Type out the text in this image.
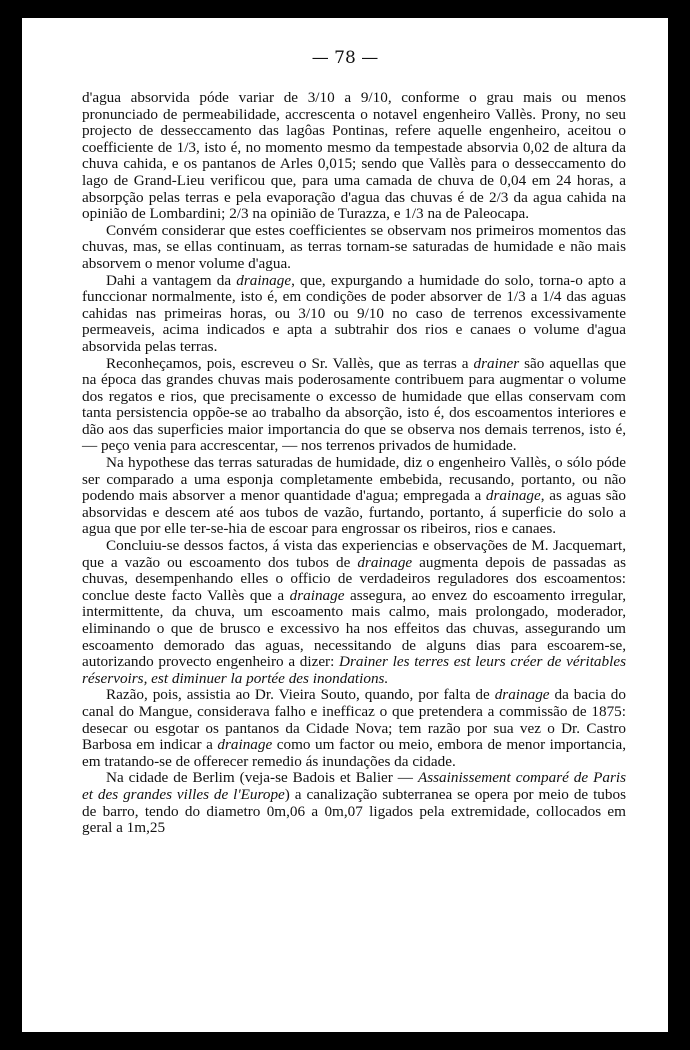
— 78 —

d'agua absorvida póde variar de 3/10 a 9/10, conforme o grau mais ou menos pronunciado de permeabilidade, accrescenta o notavel engenheiro Vallès. Prony, no seu projecto de desseccamento das lagôas Pontinas, refere aquelle engenheiro, aceitou o coefficiente de 1/3, isto é, no momento mesmo da tempestade absorvia 0,02 de altura da chuva cahida, e os pantanos de Arles 0,015; sendo que Vallès para o desseccamento do lago de Grand-Lieu verificou que, para uma camada de chuva de 0,04 em 24 horas, a absorpção pelas terras e pela evaporação d'agua das chuvas é de 2/3 da agua cahida na opinião de Lombardini; 2/3 na opinião de Turazza, e 1/3 na de Paleocapa.

Convém considerar que estes coefficientes se observam nos primeiros momentos das chuvas, mas, se ellas continuam, as terras tornam-se saturadas de humidade e não mais absorvem o menor volume d'agua.

Dahi a vantagem da drainage, que, expurgando a humidade do solo, torna-o apto a funccionar normalmente, isto é, em condições de poder absorver de 1/3 a 1/4 das aguas cahidas nas primeiras horas, ou 3/10 ou 9/10 no caso de terrenos excessivamente permeaveis, acima indicados e apta a subtrahir dos rios e canaes o volume d'agua absorvida pelas terras.

Reconheçamos, pois, escreveu o Sr. Vallès, que as terras a drainer são aquellas que na época das grandes chuvas mais poderosamente contribuem para augmentar o volume dos regatos e rios, que precisamente o excesso de humidade que ellas conservam com tanta persistencia oppõe-se ao trabalho da absorção, isto é, dos escoamentos interiores e dão aos das superficies maior importancia do que se observa nos demais terrenos, isto é, — peço venia para accrescentar, — nos terrenos privados de humidade.

Na hypothese das terras saturadas de humidade, diz o engenheiro Vallès, o sólo póde ser comparado a uma esponja completamente embebida, recusando, portanto, ou não podendo mais absorver a menor quantidade d'agua; empregada a drainage, as aguas são absorvidas e descem até aos tubos de vazão, furtando, portanto, á superficie do solo a agua que por elle ter-se-hia de escoar para engrossar os ribeiros, rios e canaes.

Concluiu-se dessos factos, á vista das experiencias e observações de M. Jacquemart, que a vazão ou escoamento dos tubos de drainage augmenta depois de passadas as chuvas, desempenhando elles o officio de verdadeiros reguladores dos escoamentos: conclue deste facto Vallès que a drainage assegura, ao envez do escoamento irregular, intermittente, da chuva, um escoamento mais calmo, mais prolongado, moderador, eliminando o que de brusco e excessivo ha nos effeitos das chuvas, assegurando um escoamento demorado das aguas, necessitando de alguns dias para escoarem-se, autorizando provecto engenheiro a dizer: Drainer les terres est leurs créer de véritables réservoirs, est diminuer la portée des inondations.

Razão, pois, assistia ao Dr. Vieira Souto, quando, por falta de drainage da bacia do canal do Mangue, considerava falho e inefficaz o que pretendera a commissão de 1875: desecar ou esgotar os pantanos da Cidade Nova; tem razão por sua vez o Dr. Castro Barbosa em indicar a drainage como um factor ou meio, embora de menor importancia, em tratando-se de offerecer remedio ás inundações da cidade.

Na cidade de Berlim (veja-se Badois et Balier — Assainissement comparé de Paris et des grandes villes de l'Europe) a canalização subterranea se opera por meio de tubos de barro, tendo do diametro 0m,06 a 0m,07 ligados pela extremidade, collocados em geral a 1m,25
